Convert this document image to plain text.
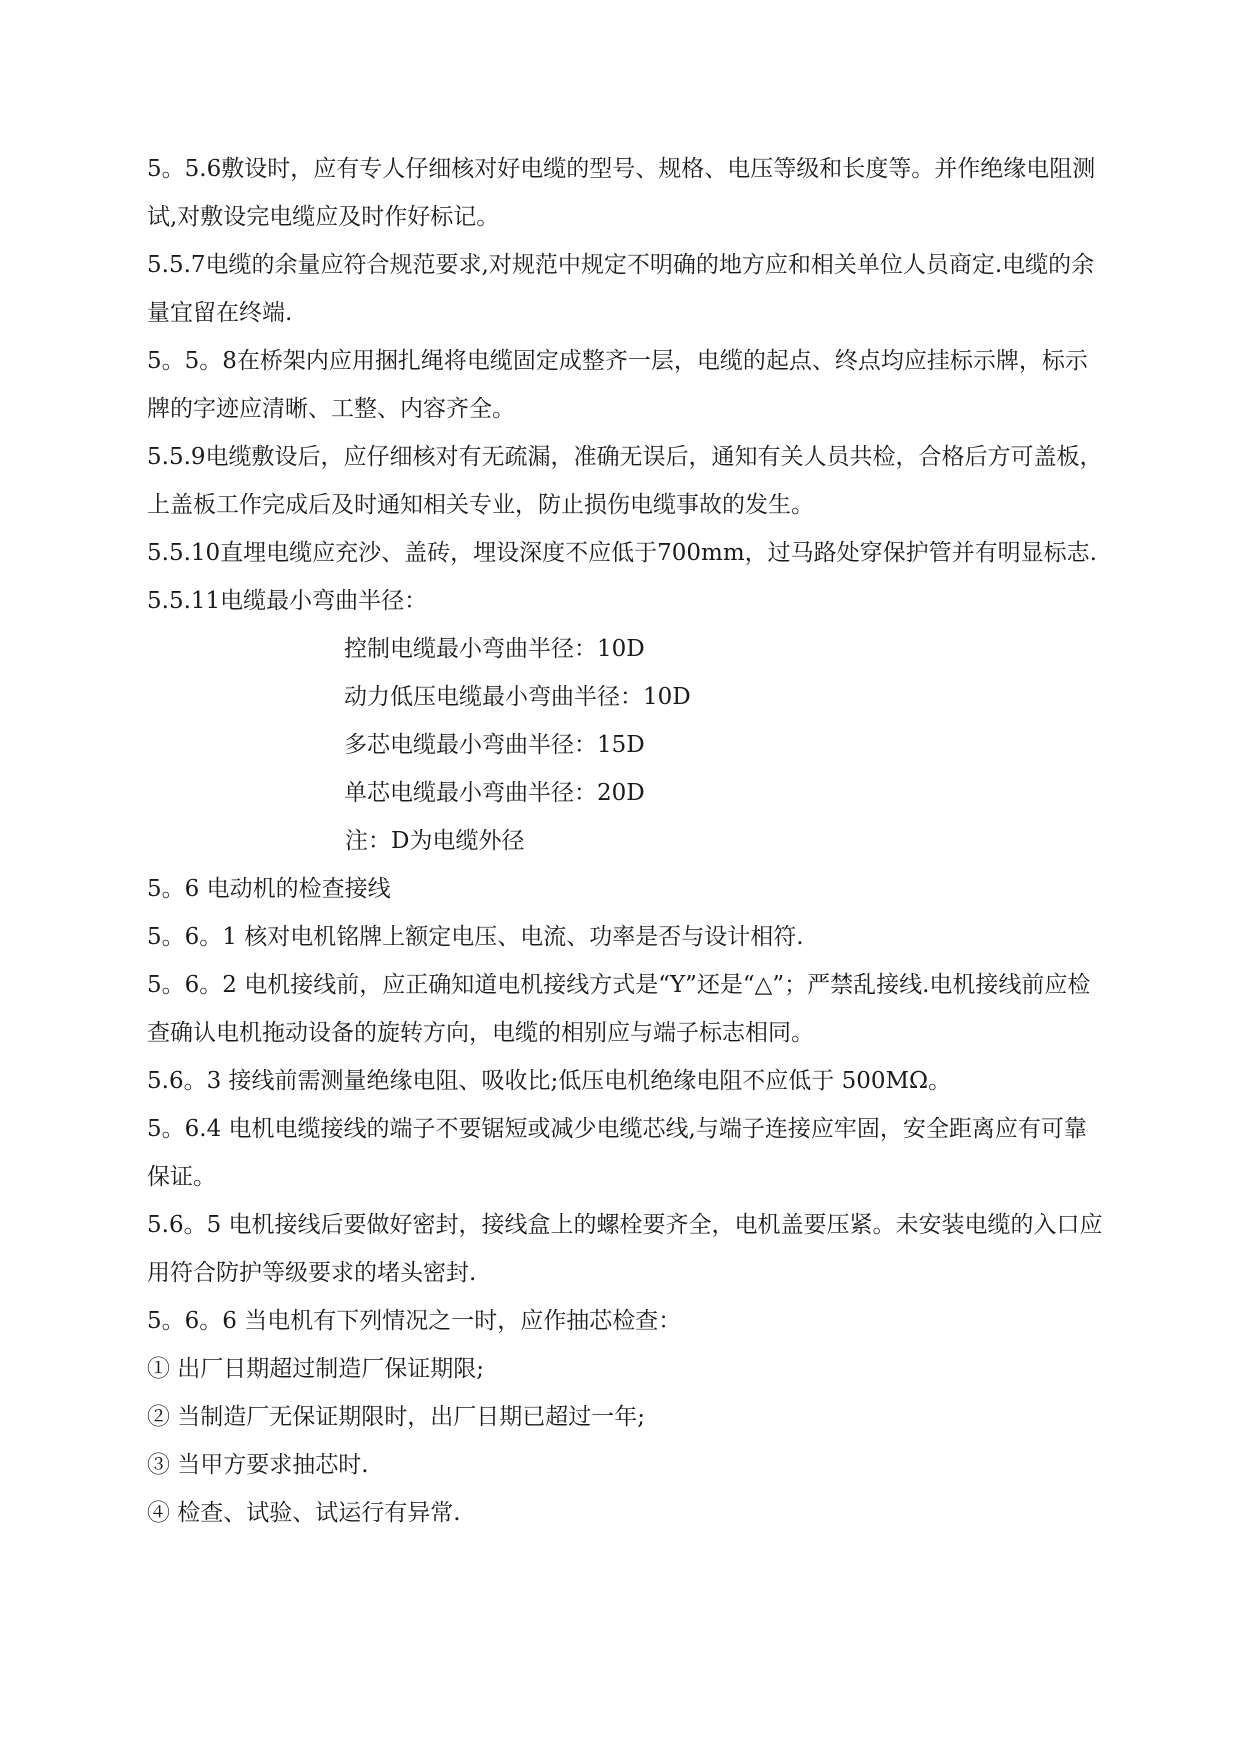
5。5.6敷设时，应有专人仔细核对好电缆的型号、规格、电压等级和长度等。并作绝缘电阻测试,对敷设完电缆应及时作好标记。

5.5.7电缆的余量应符合规范要求,对规范中规定不明确的地方应和相关单位人员商定.电缆的余量宜留在终端.

5。5。8在桥架内应用捆扎绳将电缆固定成整齐一层，电缆的起点、终点均应挂标示牌，标示牌的字迹应清晰、工整、内容齐全。

5.5.9电缆敷设后，应仔细核对有无疏漏，准确无误后，通知有关人员共检，合格后方可盖板，上盖板工作完成后及时通知相关专业，防止损伤电缆事故的发生。

5.5.10直埋电缆应充沙、盖砖，埋设深度不应低于700mm，过马路处穿保护管并有明显标志.

5.5.11电缆最小弯曲半径：

控制电缆最小弯曲半径：10D

动力低压电缆最小弯曲半径：10D

多芯电缆最小弯曲半径：15D

单芯电缆最小弯曲半径：20D

注：D为电缆外径

5。6 电动机的检查接线

5。6。1 核对电机铭牌上额定电压、电流、功率是否与设计相符.

5。6。2 电机接线前，应正确知道电机接线方式是“Y”还是“△”；严禁乱接线.电机接线前应检查确认电机拖动设备的旋转方向，电缆的相别应与端子标志相同。

5.6。3 接线前需测量绝缘电阻、吸收比;低压电机绝缘电阻不应低于 500MΩ。

5。6.4 电机电缆接线的端子不要锯短或减少电缆芯线,与端子连接应牢固，安全距离应有可靠保证。

5.6。5 电机接线后要做好密封，接线盒上的螺栓要齐全，电机盖要压紧。未安装电缆的入口应用符合防护等级要求的堵头密封.

5。6。6 当电机有下列情况之一时，应作抽芯检查：

① 出厂日期超过制造厂保证期限;

② 当制造厂无保证期限时，出厂日期已超过一年;

③ 当甲方要求抽芯时.

④ 检查、试验、试运行有异常.
